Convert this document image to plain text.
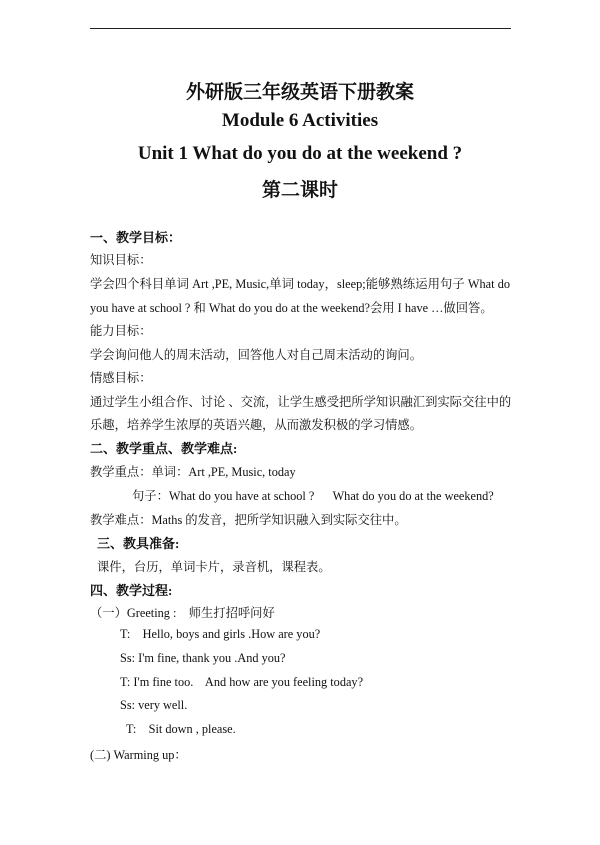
外研版三年级英语下册教案
Module 6 Activities
Unit 1 What do you do at the weekend ?
第二课时
一、教学目标：
知识目标：
学会四个科目单词 Art ,PE, Music,单词 today，sleep;能够熟练运用句子 What do
you have at school ? 和 What do you do at the weekend?会用 I have …做回答。
能力目标：
学会询问他人的周末活动，回答他人对自己周末活动的询问。
情感目标：
通过学生小组合作、讨论 、交流，让学生感受把所学知识融汇到实际交往中的
乐趣，培养学生浓厚的英语兴趣，从而激发积极的学习情感。
二、教学重点、教学难点:
教学重点：单词：Art ,PE, Music, today
句子：What do you have at school ?      What do you do at the weekend?
教学难点：Maths 的发音，把所学知识融入到实际交往中。
三、教具准备:
课件，台历，单词卡片，录音机，课程表。
四、教学过程:
（一）Greeting :    师生打招呼问好
T:    Hello, boys and girls .How are you?
Ss: I'm fine, thank you .And you?
T: I'm fine too.    And how are you feeling today?
Ss: very well.
T:    Sit down , please.
(二) Warming up：
